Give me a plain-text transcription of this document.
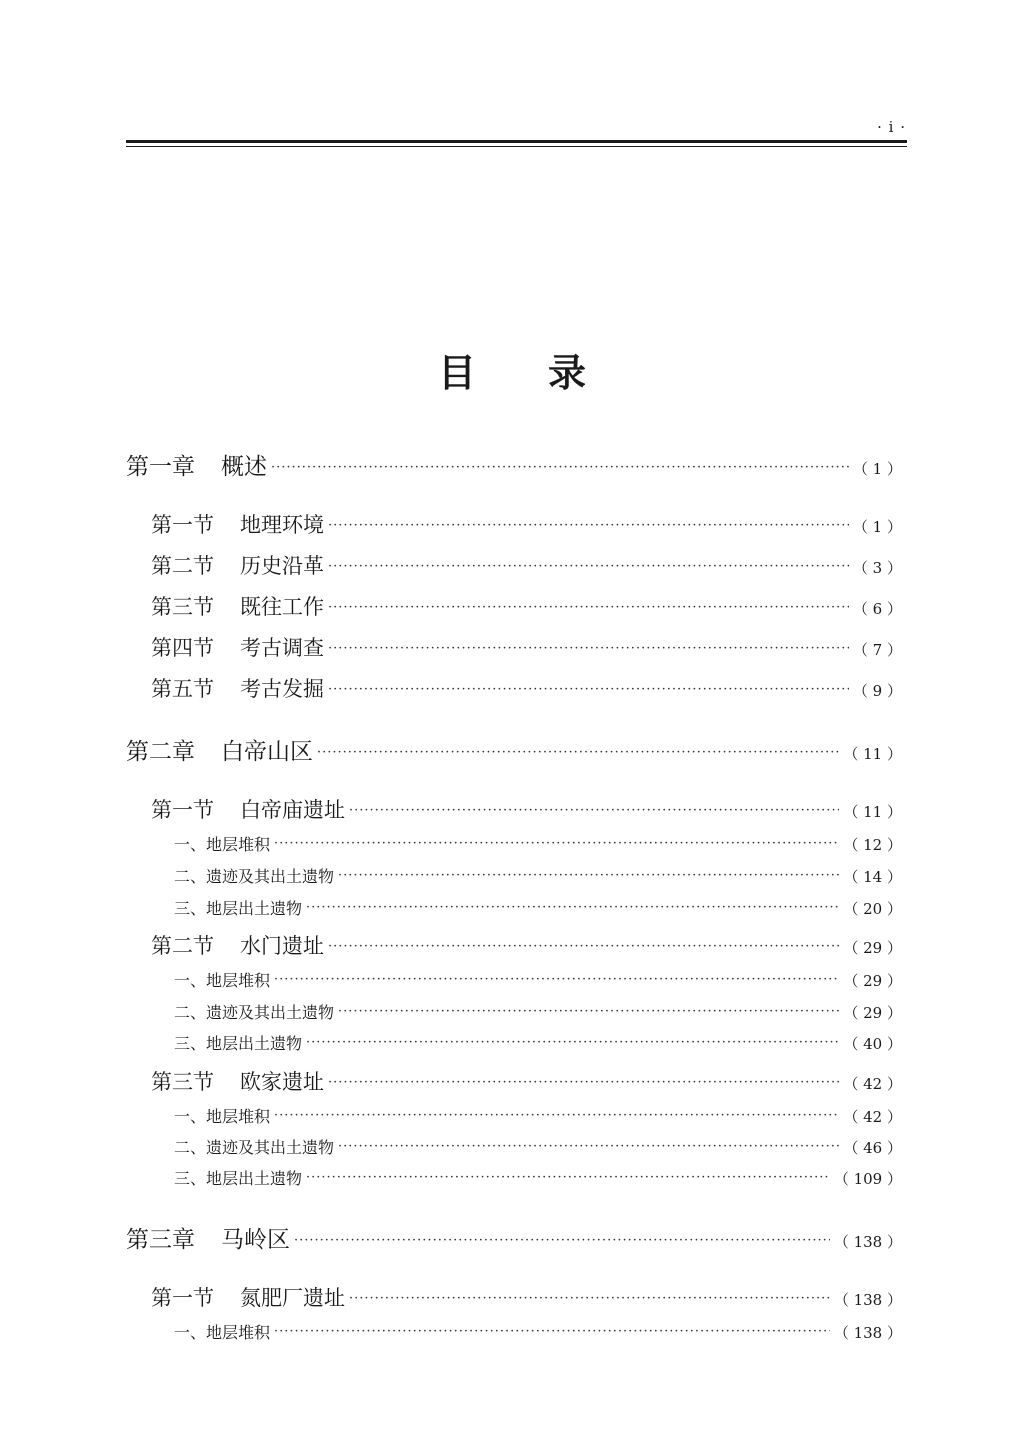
· i ·
目 录
第一章 概述 ·····	（ 1 ）
第一节 地理环境 ·····	（ 1 ）
第二节 历史沿革 ·····	（ 3 ）
第三节 既往工作 ·····	（ 6 ）
第四节 考古调查 ·····	（ 7 ）
第五节 考古发掘 ·····	（ 9 ）
第二章 白帝山区 ·····	（ 11 ）
第一节 白帝庙遗址 ·····	（ 11 ）
一、地层堆积 ·····	（ 12 ）
二、遗迹及其出土遗物 ·····	（ 14 ）
三、地层出土遗物 ·····	（ 20 ）
第二节 水门遗址 ·····	（ 29 ）
一、地层堆积 ·····	（ 29 ）
二、遗迹及其出土遗物 ·····	（ 29 ）
三、地层出土遗物 ·····	（ 40 ）
第三节 欧家遗址 ·····	（ 42 ）
一、地层堆积 ·····	（ 42 ）
二、遗迹及其出土遗物 ·····	（ 46 ）
三、地层出土遗物 ·····	（ 109 ）
第三章 马岭区 ·····	（ 138 ）
第一节 氮肥厂遗址 ·····	（ 138 ）
一、地层堆积 ·····	（ 138 ）
